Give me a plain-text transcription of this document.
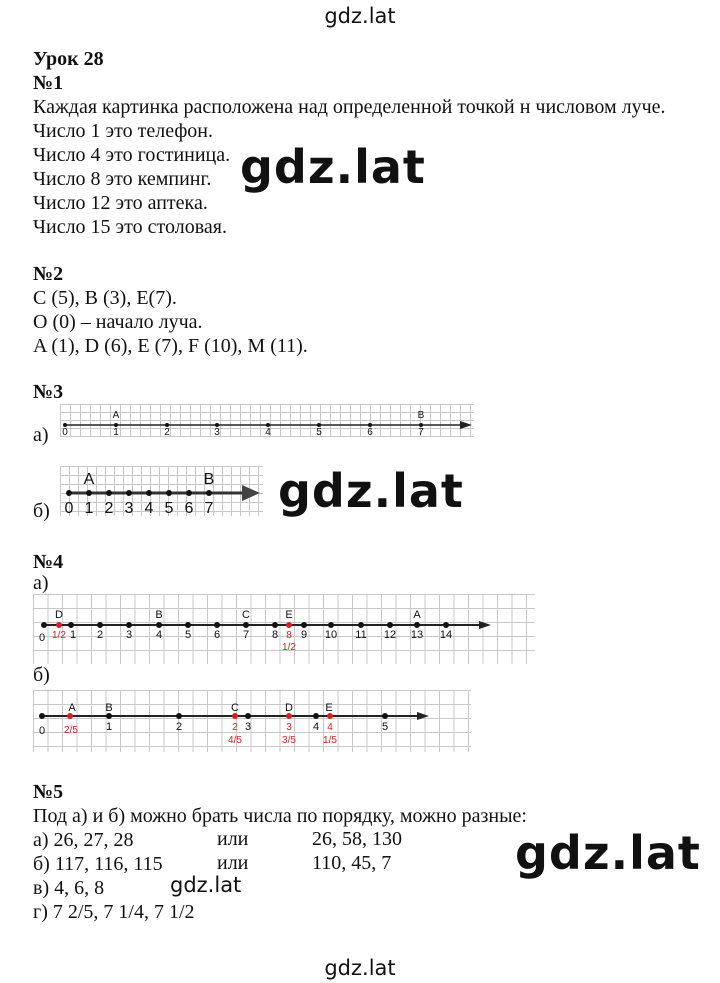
gdz.lat
gdz.lat
gdz.lat
gdz.lat
gdz.lat
gdz.lat
Урок 28
№1
Каждая картинка расположена над определенной точкой н числовом луче.
Число 1 это телефон.
Число 4 это гостиница.
Число 8 это кемпинг.
Число 12 это аптека.
Число 15 это столовая.
№2
C (5), B (3), E(7).
O (0) – начало луча.
A (1), D (6), E (7), F (10), M (11).
№3
а) 0	1	2	3	4	5	6	7
A	B
б) 0 1 2 3 4 5 6 7
A	B
№4
а)
0 1 2 3 4 5 6 7 8 9 10 11 12 13 14
D	B	C	E	A
1/2	8
1/2
б)
0	1	2	3	4	5
A	B	C	D	E
2/5	2
4/5
3
3/5
4
1/5
№5
Под а) и б) можно брать числа по порядку, можно разные:
а) 26, 27, 28	или	26, 58, 130
б) 117, 116, 115	или	110, 45, 7
в) 4, 6, 8
г) 7 2/5, 7 1/4, 7 1/2
